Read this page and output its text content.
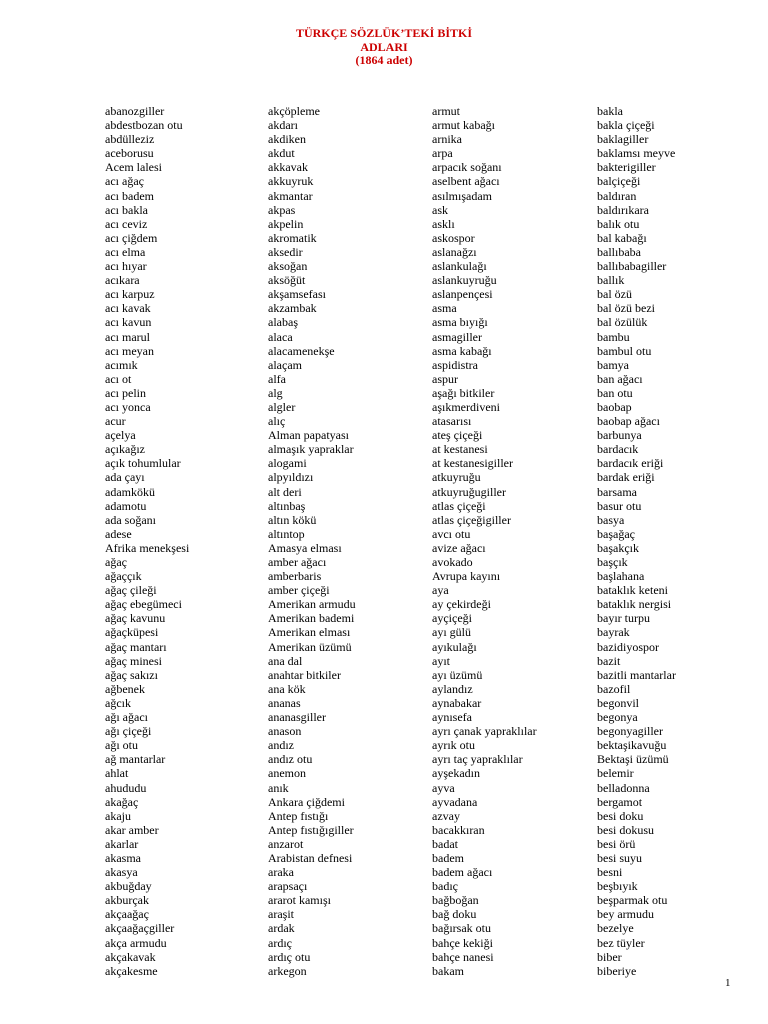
TÜRKÇE SÖZLÜK’TEKİ BİTKİ
ADLARI
(1864 adet)
abanozgiller
abdestbozan otu
abdülleziz
aceborusu
Acem lalesi
acı ağaç
acı badem
acı bakla
acı ceviz
acı çiğdem
acı elma
acı hıyar
acıkara
acı karpuz
acı kavak
acı kavun
acı marul
acı meyan
acımık
acı ot
acı pelin
acı yonca
acur
açelya
açıkağız
açık tohumlular
ada çayı
adamkökü
adamotu
ada soğanı
adese
Afrika menekşesi
ağaç
ağaççık
ağaç çileği
ağaç ebegümeci
ağaç kavunu
ağaçküpesi
ağaç mantarı
ağaç minesi
ağaç sakızı
ağbenek
ağcık
ağı ağacı
ağı çiçeği
ağı otu
ağ mantarlar
ahlat
ahududu
akağaç
akaju
akar amber
akarlar
akasma
akasya
akbuğday
akburçak
akçaağaç
akçaağaçgiller
akça armudu
akçakavak
akçakesme
akçöpleme
akdarı
akdiken
akdut
akkavak
akkuyruk
akmantar
akpas
akpelin
akromatik
aksedir
aksoğan
aksöğüt
akşamsefası
akzambak
alabaş
alaca
alacamenekşe
alaçam
alfa
alg
algler
alıç
Alman papatyası
almaşık yapraklar
alogami
alpyıldızı
alt deri
altınbaş
altın kökü
altıntop
Amasya elması
amber ağacı
amberbaris
amber çiçeği
Amerikan armudu
Amerikan bademi
Amerikan elması
Amerikan üzümü
ana dal
anahtar bitkiler
ana kök
ananas
ananasgiller
anason
andız
andız otu
anemon
anık
Ankara çiğdemi
Antep fıstığı
Antep fıstığıgiller
anzarot
Arabistan defnesi
araka
arapsaçı
ararot kamışı
araşit
ardak
ardıç
ardıç otu
arkegon
armut
armut kabağı
arnika
arpa
arpacık soğanı
aselbent ağacı
asılmışadam
ask
asklı
askospor
aslanağzı
aslankulağı
aslankuyruğu
aslanpençesi
asma
asma bıyığı
asmagiller
asma kabağı
aspidistra
aspur
aşağı bitkiler
aşıkmerdiveni
atasarısı
ateş çiçeği
at kestanesi
at kestanesigiller
atkuyruğu
atkuyruğugiller
atlas çiçeği
atlas çiçeğigiller
avcı otu
avize ağacı
avokado
Avrupa kayını
aya
ay çekirdeği
ayçiçeği
ayı gülü
ayıkulağı
ayıt
ayı üzümü
aylandız
aynabakar
aynısefa
ayrı çanak yapraklılar
ayrık otu
ayrı taç yapraklılar
ayşekadın
ayva
ayvadana
azvay
bacakkıran
badat
badem
badem ağacı
badıç
bağboğan
bağ doku
bağırsak otu
bahçe kekiği
bahçe nanesi
bakam
bakla
bakla çiçeği
baklagiller
baklamsı meyve
bakterigiller
balçiçeği
baldıran
baldırıkara
balık otu
bal kabağı
ballıbaba
ballıbabagiller
ballık
bal özü
bal özü bezi
bal özülük
bambu
bambul otu
bamya
ban ağacı
ban otu
baobap
baobap ağacı
barbunya
bardacık
bardacık eriği
bardak eriği
barsama
basur otu
basya
başağaç
başakçık
başçık
başlahana
bataklık keteni
bataklık nergisi
bayır turpu
bayrak
bazidiyospor
bazit
bazitli mantarlar
bazofil
begonvil
begonya
begonyagiller
bektaşikavuğu
Bektaşi üzümü
belemir
belladonna
bergamot
besi doku
besi dokusu
besi örü
besi suyu
besni
beşbıyık
beşparmak otu
bey armudu
bezelye
bez tüyler
biber
biberiye
1
